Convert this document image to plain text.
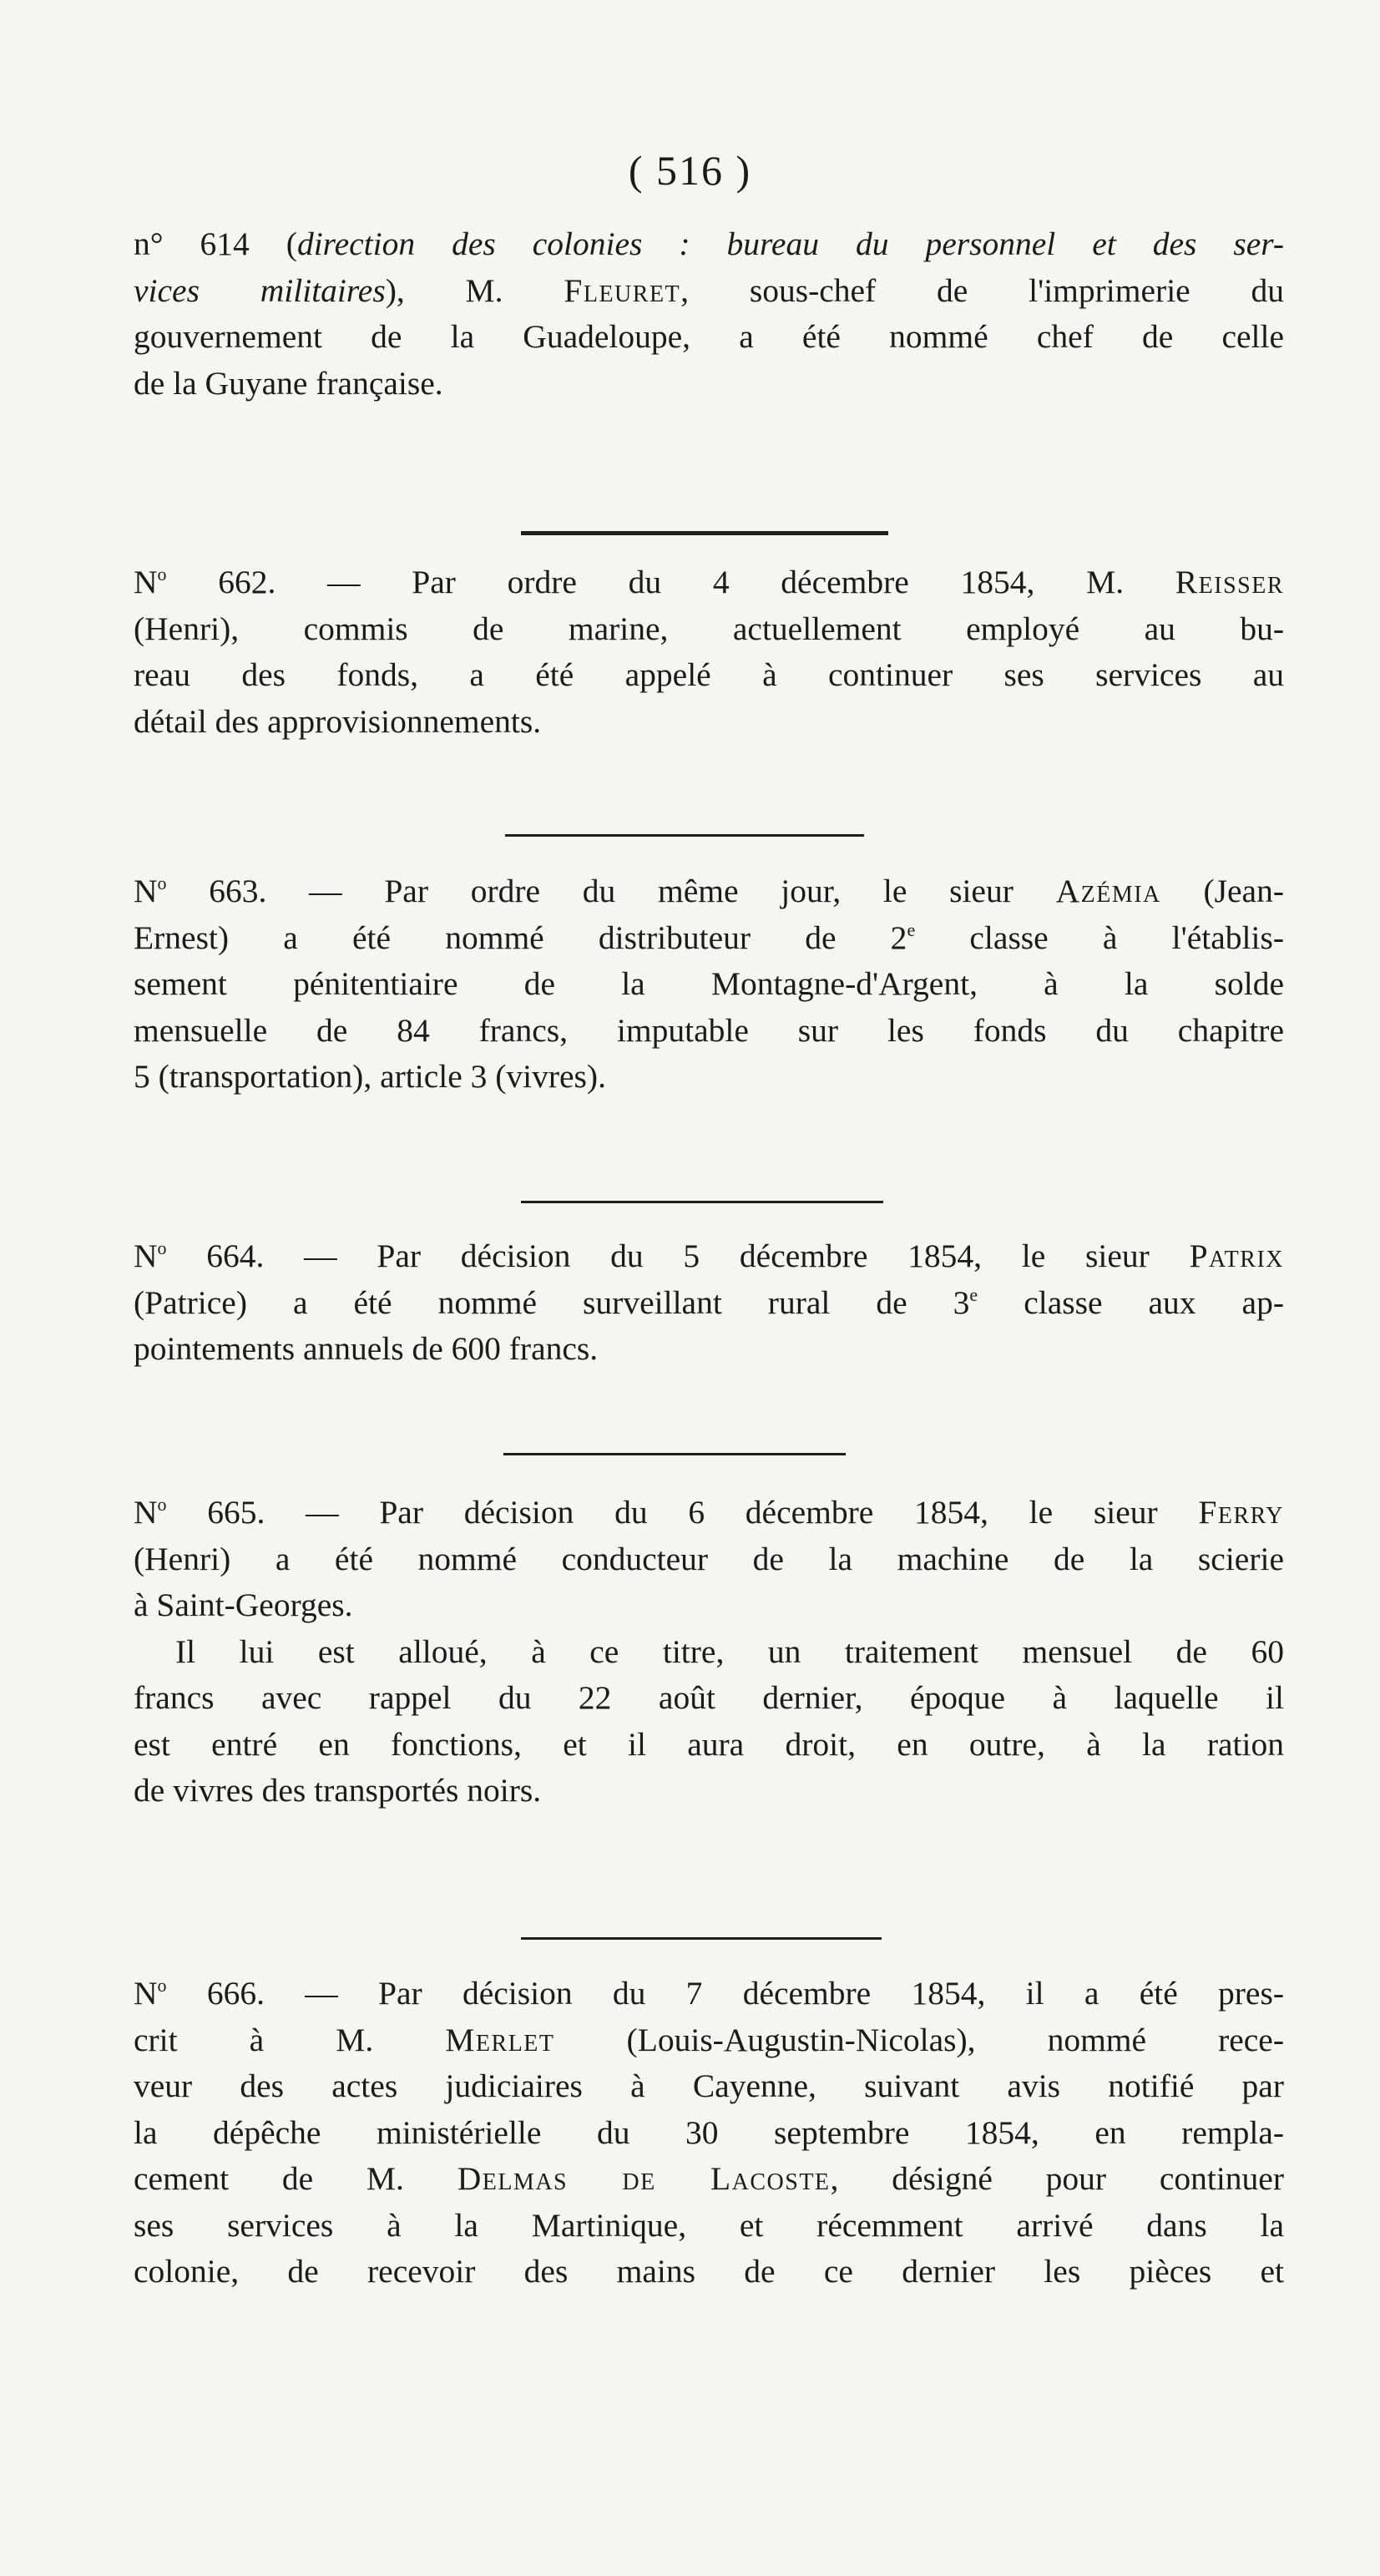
( 516 )
n° 614 (direction des colonies : bureau du personnel et des ser-
vices militaires), M. Fleuret, sous-chef de l'imprimerie du
gouvernement de la Guadeloupe, a été nommé chef de celle
de la Guyane française.
$N^o$ 662. — Par ordre du 4 décembre 1854, M. Reisser
(Henri), commis de marine, actuellement employé au bu-
reau des fonds, a été appelé à continuer ses services au
détail des approvisionnements.
$N^o$ 663. — Par ordre du même jour, le sieur Azémia (Jean-
Ernest) a été nommé distributeur de 2e classe à l'établis-
sement pénitentiaire de la Montagne-d'Argent, à la solde
mensuelle de 84 francs, imputable sur les fonds du chapitre
5 (transportation), article 3 (vivres).
$N^o$ 664. — Par décision du 5 décembre 1854, le sieur Patrix
(Patrice) a été nommé surveillant rural de 3e classe aux ap-
pointements annuels de 600 francs.
$N^o$ 665. — Par décision du 6 décembre 1854, le sieur Ferry
(Henri) a été nommé conducteur de la machine de la scierie
à Saint-Georges.
Il lui est alloué, à ce titre, un traitement mensuel de 60
francs avec rappel du 22 août dernier, époque à laquelle il
est entré en fonctions, et il aura droit, en outre, à la ration
de vivres des transportés noirs.
$N^o$ 666. — Par décision du 7 décembre 1854, il a été pres-
crit à M. Merlet (Louis-Augustin-Nicolas), nommé rece-
veur des actes judiciaires à Cayenne, suivant avis notifié par
la dépêche ministérielle du 30 septembre 1854, en rempla-
cement de M. Delmas de Lacoste, désigné pour continuer
ses services à la Martinique, et récemment arrivé dans la
colonie, de recevoir des mains de ce dernier les pièces et
